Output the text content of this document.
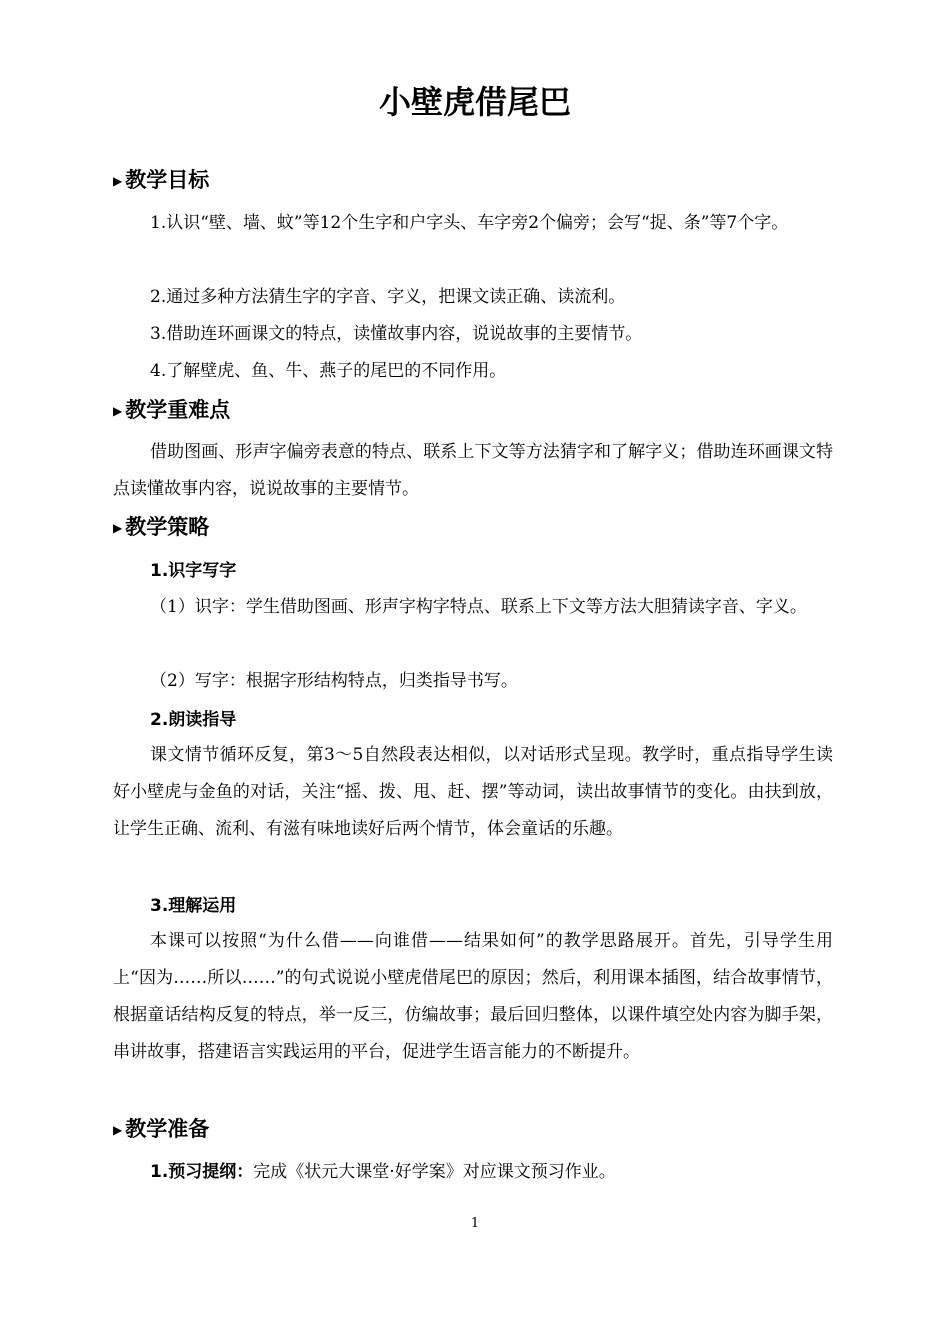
小壁虎借尾巴
▶ 教学目标

1.认识“壁、墙、蚊”等12个生字和户字头、车字旁2个偏旁；会写“捉、条”等7个字。

2.通过多种方法猜生字的字音、字义，把课文读正确、读流利。

3.借助连环画课文的特点，读懂故事内容，说说故事的主要情节。

4.了解壁虎、鱼、牛、燕子的尾巴的不同作用。

▶ 教学重难点

借助图画、形声字偏旁表意的特点、联系上下文等方法猜字和了解字义；借助连环画课文特点读懂故事内容，说说故事的主要情节。

▶ 教学策略
1.识字写字

（1）识字：学生借助图画、形声字构字特点、联系上下文等方法大胆猜读字音、字义。

（2）写字：根据字形结构特点，归类指导书写。

2.朗读指导

课文情节循环反复，第3～5自然段表达相似，以对话形式呈现。教学时，重点指导学生读好小壁虎与金鱼的对话，关注“摇、拨、甩、赶、摆”等动词，读出故事情节的变化。由扶到放，让学生正确、流利、有滋有味地读好后两个情节，体会童话的乐趣。

3.理解运用

本课可以按照“为什么借——向谁借——结果如何”的教学思路展开。首先，引导学生用上“因为……所以……”的句式说说小壁虎借尾巴的原因；然后，利用课本插图，结合故事情节，根据童话结构反复的特点，举一反三，仿编故事；最后回归整体，以课件填空处内容为脚手架，串讲故事，搭建语言实践运用的平台，促进学生语言能力的不断提升。

▶ 教学准备

1.预习提纲：完成《状元大课堂·好学案》对应课文预习作业。

1
